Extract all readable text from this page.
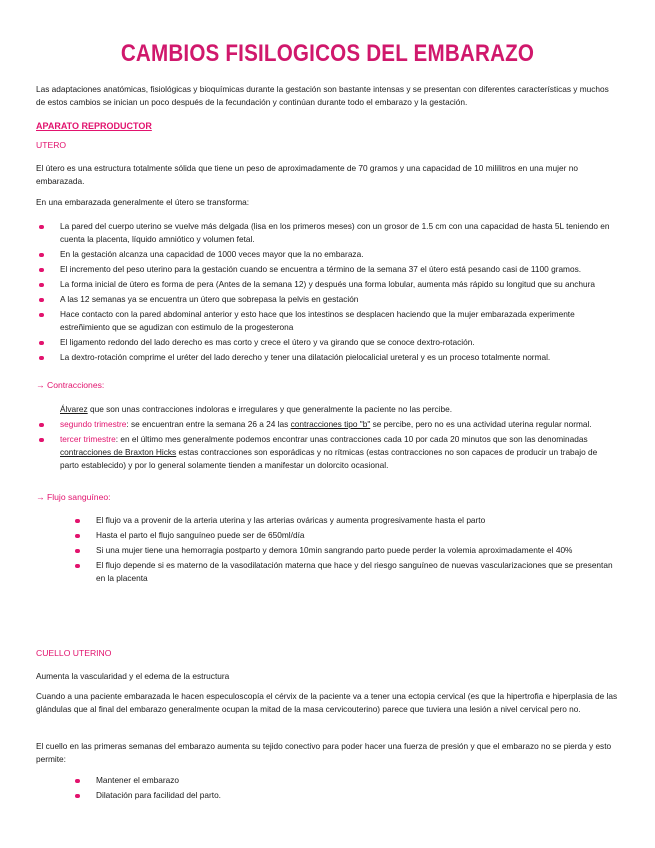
CAMBIOS FISILOGICOS DEL EMBARAZO
Las adaptaciones anatómicas, fisiológicas y bioquímicas durante la gestación son bastante intensas y se presentan con diferentes características y muchos de estos cambios se inician un poco después de la fecundación y continúan durante todo el embarazo y la gestación.
APARATO REPRODUCTOR
UTERO
El útero es una estructura totalmente sólida que tiene un peso de aproximadamente de 70 gramos y una capacidad de 10 mililitros en una mujer no embarazada.
En una embarazada generalmente el útero se transforma:
La pared del cuerpo uterino se vuelve más delgada (lisa en los primeros meses) con un grosor de 1.5 cm con una capacidad de hasta 5L teniendo en cuenta la placenta, líquido amniótico y volumen fetal.
En la gestación alcanza una capacidad de 1000 veces mayor que la no embaraza.
El incremento del peso uterino para la gestación cuando se encuentra a término de la semana 37 el útero está pesando casi de 1100 gramos.
La forma inicial de útero es forma de pera (Antes de la semana 12) y después una forma lobular, aumenta más rápido su longitud que su anchura
A las 12 semanas ya se encuentra un útero que sobrepasa la pelvis en gestación
Hace contacto con la pared abdominal anterior y esto hace que los intestinos se desplacen haciendo que la mujer embarazada experimente estreñimiento que se agudizan con estimulo de la progesterona
El ligamento redondo del lado derecho es mas corto y crece el útero y va girando que se conoce dextro-rotación.
La dextro-rotación comprime el uréter del lado derecho y tener una dilatación pielocalicial ureteral y es un proceso totalmente normal.
→ Contracciones:
Álvarez que son unas contracciones indoloras e irregulares y que generalmente la paciente no las percibe.
segundo trimestre: se encuentran entre la semana 26 a 24 las contracciones tipo "b" se percibe, pero no es una actividad uterina regular normal.
tercer trimestre: en el último mes generalmente podemos encontrar unas contracciones cada 10 por cada 20 minutos que son las denominadas contracciones de Braxton Hicks estas contracciones son esporádicas y no rítmicas (estas contracciones no son capaces de producir un trabajo de parto establecido) y por lo general solamente tienden a manifestar un dolorcito ocasional.
→ Flujo sanguíneo:
El flujo va a provenir de la arteria uterina y las arterias ováricas y aumenta progresivamente hasta el parto
Hasta el parto el flujo sanguíneo puede ser de 650ml/día
Si una mujer tiene una hemorragia postparto y demora 10min sangrando parto puede perder la volemia aproximadamente el 40%
El flujo depende si es materno de la vasodilatación materna que hace y del riesgo sanguíneo de nuevas vascularizaciones que se presentan en la placenta
CUELLO UTERINO
Aumenta la vascularidad y el edema de la estructura
Cuando a una paciente embarazada le hacen especuloscopía el cérvix de la paciente va a tener una ectopia cervical (es que la hipertrofia e hiperplasia de las glándulas que al final del embarazo generalmente ocupan la mitad de la masa cervicouterino) parece que tuviera una lesión a nivel cervical pero no.
El cuello en las primeras semanas del embarazo aumenta su tejido conectivo para poder hacer una fuerza de presión y que el embarazo no se pierda y esto permite:
Mantener el embarazo
Dilatación para facilidad del parto.
